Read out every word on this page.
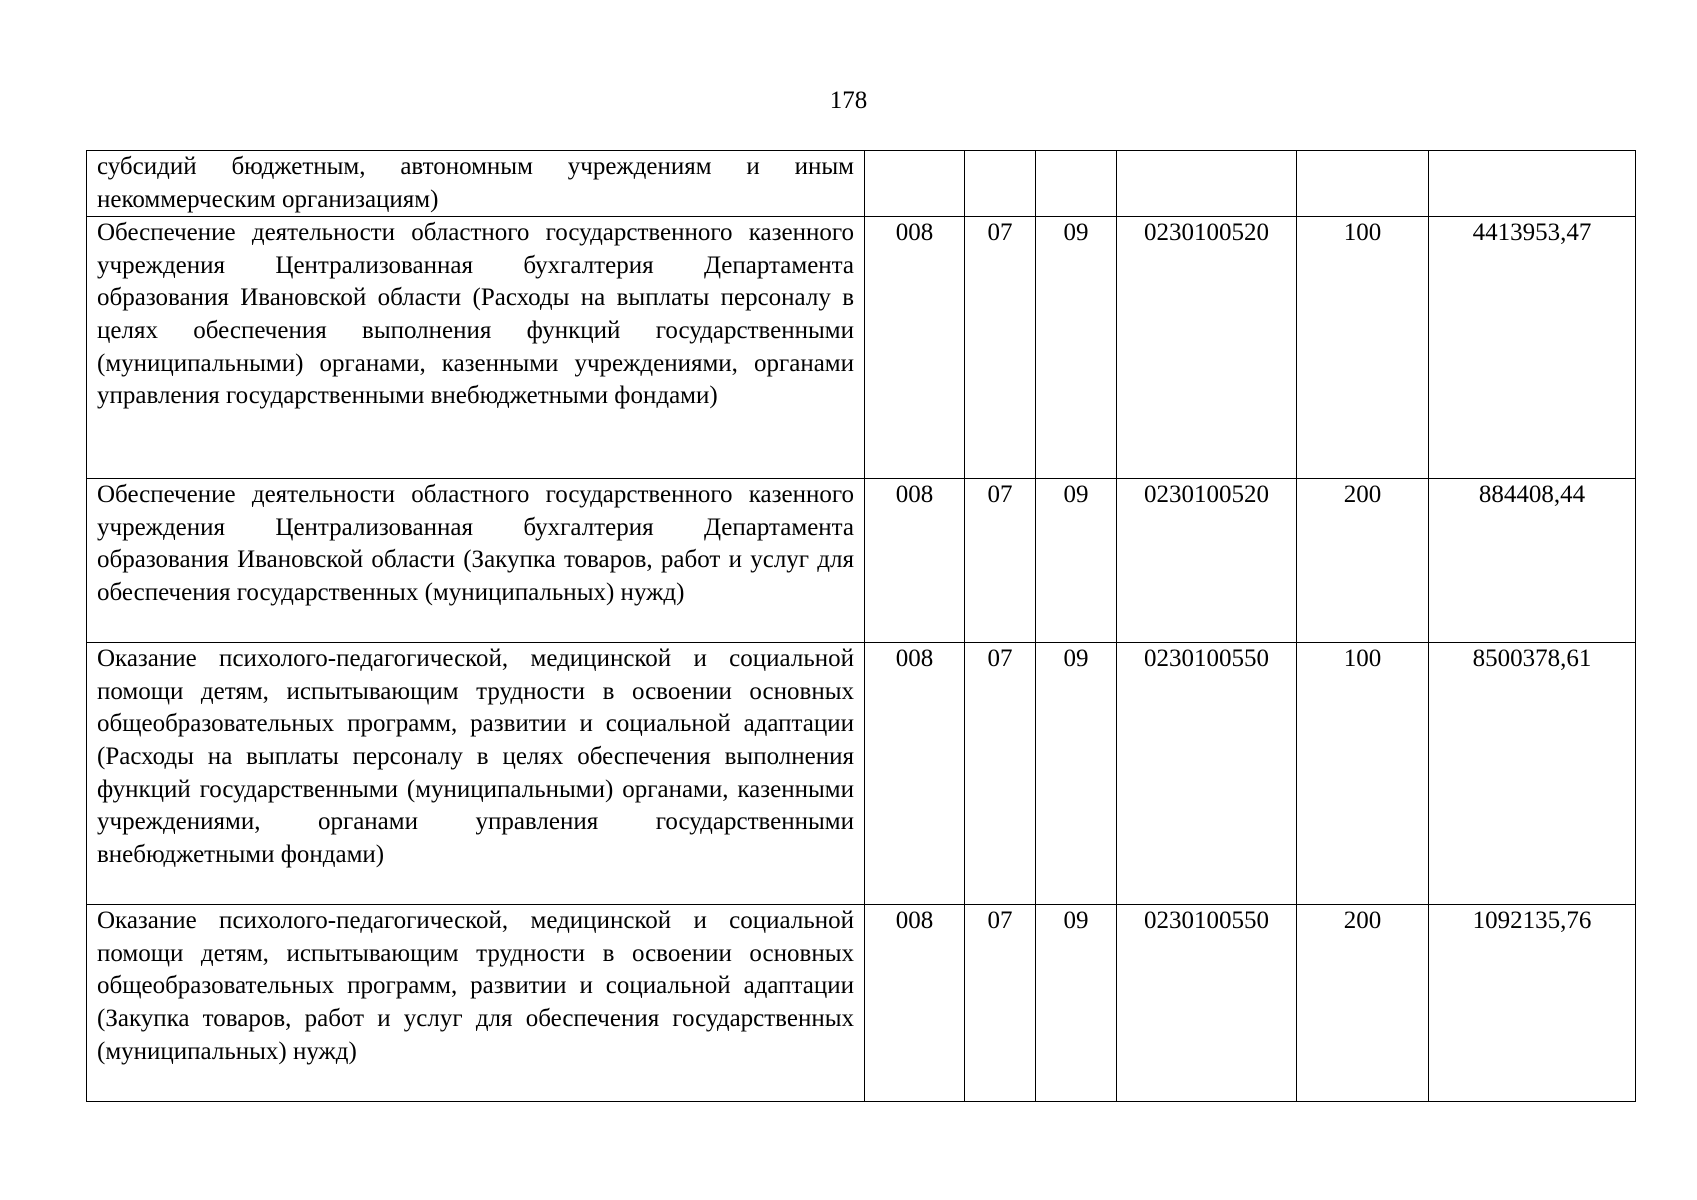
178
субсидий бюджетным, автономным учреждениям и иным некоммерческим организациям)						

Обеспечение деятельности областного государственного казенного учреждения Централизованная бухгалтерия Департамента образования Ивановской области (Расходы на выплаты персоналу в целях обеспечения выполнения функций государственными (муниципальными) органами, казенными учреждениями, органами управления государственными внебюджетными фондами)	008	07	09	0230100520	100	4413953,47

Обеспечение деятельности областного государственного казенного учреждения Централизованная бухгалтерия Департамента образования Ивановской области (Закупка товаров, работ и услуг для обеспечения государственных (муниципальных) нужд)	008	07	09	0230100520	200	884408,44

Оказание психолого-педагогической, медицинской и социальной помощи детям, испытывающим трудности в освоении основных общеобразовательных программ, развитии и социальной адаптации (Расходы на выплаты персоналу в целях обеспечения выполнения функций государственными (муниципальными) органами, казенными учреждениями, органами управления государственными внебюджетными фондами)	008	07	09	0230100550	100	8500378,61

Оказание психолого-педагогической, медицинской и социальной помощи детям, испытывающим трудности в освоении основных общеобразовательных программ, развитии и социальной адаптации (Закупка товаров, работ и услуг для обеспечения государственных (муниципальных) нужд)	008	07	09	0230100550	200	1092135,76
